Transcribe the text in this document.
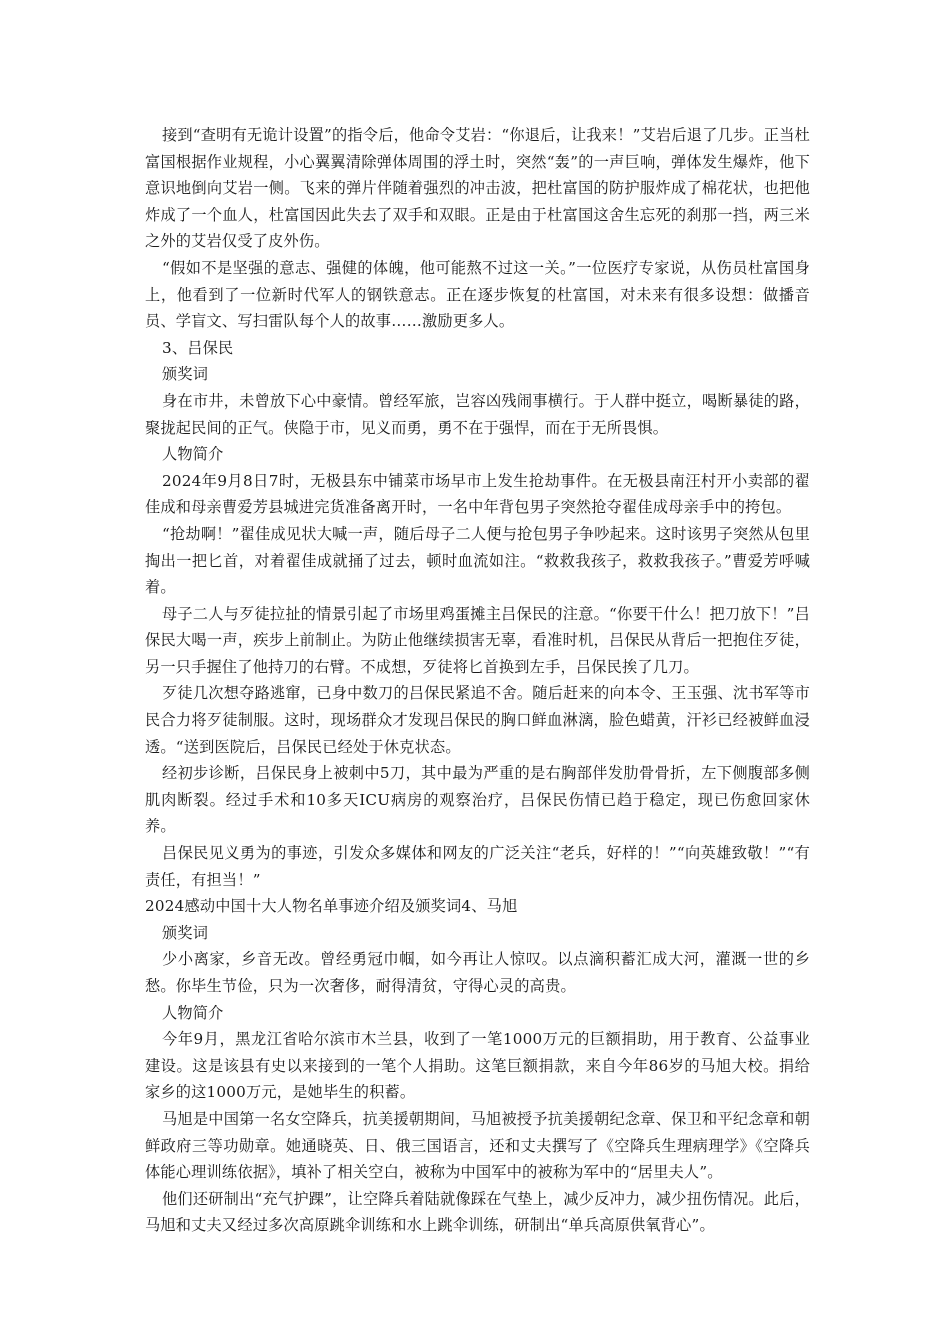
接到“查明有无诡计设置”的指令后，他命令艾岩：“你退后，让我来！”艾岩后退了几步。正当杜富国根据作业规程，小心翼翼清除弹体周围的浮土时，突然“轰”的一声巨响，弹体发生爆炸，他下意识地倒向艾岩一侧。飞来的弹片伴随着强烈的冲击波，把杜富国的防护服炸成了棉花状，也把他炸成了一个血人，杜富国因此失去了双手和双眼。正是由于杜富国这舍生忘死的刹那一挡，两三米之外的艾岩仅受了皮外伤。

“假如不是坚强的意志、强健的体魄，他可能熬不过这一关。”一位医疗专家说，从伤员杜富国身上，他看到了一位新时代军人的钢铁意志。正在逐步恢复的杜富国，对未来有很多设想：做播音员、学盲文、写扫雷队每个人的故事……激励更多人。

3、吕保民

颁奖词

身在市井，未曾放下心中豪情。曾经军旅，岂容凶残闹事横行。于人群中挺立，喝断暴徒的路，聚拢起民间的正气。侠隐于市，见义而勇，勇不在于强悍，而在于无所畏惧。

人物简介

2024年9月8日7时，无极县东中铺菜市场早市上发生抢劫事件。在无极县南汪村开小卖部的翟佳成和母亲曹爱芳县城进完货准备离开时，一名中年背包男子突然抢夺翟佳成母亲手中的挎包。

“抢劫啊！”翟佳成见状大喊一声，随后母子二人便与抢包男子争吵起来。这时该男子突然从包里掏出一把匕首，对着翟佳成就捅了过去，顿时血流如注。“救救我孩子，救救我孩子。”曹爱芳呼喊着。

母子二人与歹徒拉扯的情景引起了市场里鸡蛋摊主吕保民的注意。“你要干什么！把刀放下！”吕保民大喝一声，疾步上前制止。为防止他继续损害无辜，看准时机，吕保民从背后一把抱住歹徒，另一只手握住了他持刀的右臂。不成想，歹徒将匕首换到左手，吕保民挨了几刀。

歹徒几次想夺路逃窜，已身中数刀的吕保民紧追不舍。随后赶来的向本令、王玉强、沈书军等市民合力将歹徒制服。这时，现场群众才发现吕保民的胸口鲜血淋漓，脸色蜡黄，汗衫已经被鲜血浸透。“送到医院后，吕保民已经处于休克状态。

经初步诊断，吕保民身上被刺中5刀，其中最为严重的是右胸部伴发肋骨骨折，左下侧腹部多侧肌肉断裂。经过手术和10多天ICU病房的观察治疗，吕保民伤情已趋于稳定，现已伤愈回家休养。

吕保民见义勇为的事迹，引发众多媒体和网友的广泛关注“老兵，好样的！”“向英雄致敬！”“有责任，有担当！”

2024感动中国十大人物名单事迹介绍及颁奖词4、马旭

颁奖词

少小离家，乡音无改。曾经勇冠巾帼，如今再让人惊叹。以点滴积蓄汇成大河，灌溉一世的乡愁。你毕生节俭，只为一次奢侈，耐得清贫，守得心灵的高贵。

人物简介

今年9月，黑龙江省哈尔滨市木兰县，收到了一笔1000万元的巨额捐助，用于教育、公益事业建设。这是该县有史以来接到的一笔个人捐助。这笔巨额捐款，来自今年86岁的马旭大校。捐给家乡的这1000万元，是她毕生的积蓄。

马旭是中国第一名女空降兵，抗美援朝期间，马旭被授予抗美援朝纪念章、保卫和平纪念章和朝鲜政府三等功勋章。她通晓英、日、俄三国语言，还和丈夫撰写了《空降兵生理病理学》《空降兵体能心理训练依据》，填补了相关空白，被称为中国军中的被称为军中的“居里夫人”。

他们还研制出“充气护踝”，让空降兵着陆就像踩在气垫上，减少反冲力，减少扭伤情况。此后，马旭和丈夫又经过多次高原跳伞训练和水上跳伞训练，研制出“单兵高原供氧背心”。
